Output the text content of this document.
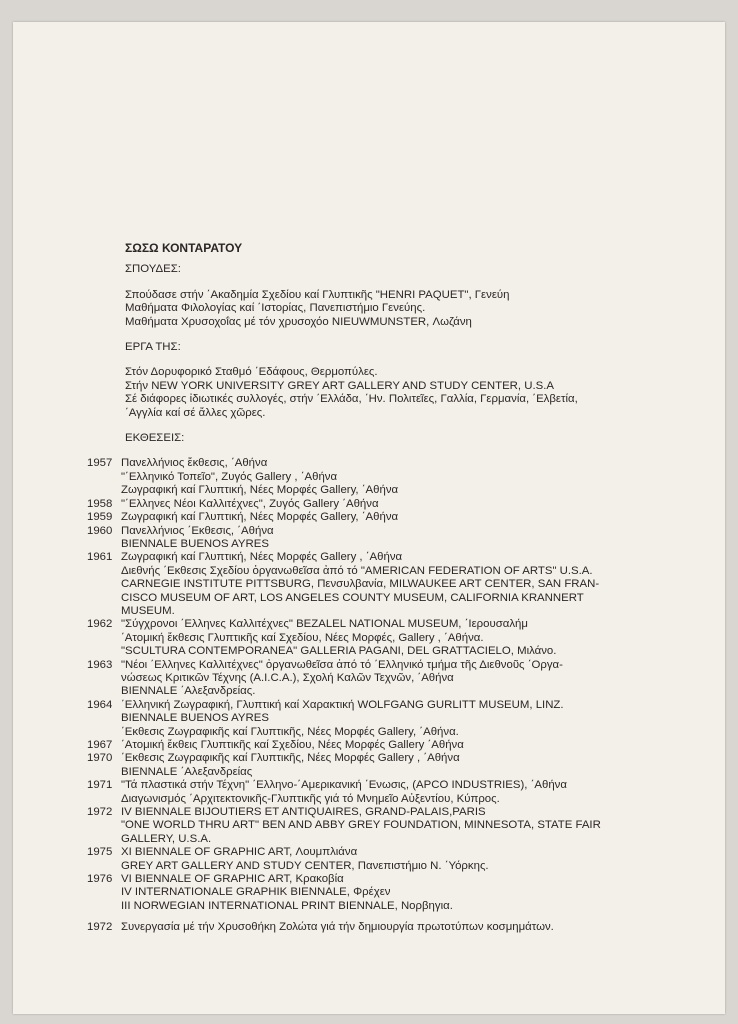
ΣΩΣΩ ΚΟΝΤΑΡΑΤΟΥ
ΣΠΟΥΔΕΣ:
Σπούδασε στήν ΄Ακαδημία Σχεδίου καί Γλυπτικῆς "HENRI PAQUET", Γενεύη
Μαθήματα Φιλολογίας καί ΄Ιστορίας, Πανεπιστήμιο Γενεύης.
Μαθήματα Χρυσοχοΐας μέ τόν χρυσοχόο NIEUWMUNSTER, Λωζάνη
ΕΡΓΑ ΤΗΣ:
Στόν Δορυφορικό Σταθμό ΄Εδάφους, Θερμοπύλες.
Στήν NEW YORK UNIVERSITY GREY ART GALLERY AND STUDY CENTER, U.S.A
Σέ διάφορες ἰδιωτικές συλλογές, στήν ΄Ελλάδα, ΄Ην. Πολιτεῖες, Γαλλία, Γερμανία, ΄Ελβετία,
΄Αγγλία καί σέ ἄλλες χῶρες.
ΕΚΘΕΣΕΙΣ:
1957 Πανελλήνιος ἔκθεσις, ΄Αθήνα
"΄Ελληνικό Τοπεῖο", Ζυγός Gallery , ΄Αθήνα
Ζωγραφική καί Γλυπτική, Νέες Μορφές Gallery, ΄Αθήνα
1958 "΄Ελληνες Νέοι Καλλιτέχνες", Ζυγός Gallery ΄Αθήνα
1959 Ζωγραφική καί Γλυπτική, Νέες Μορφές Gallery, ΄Αθήνα
1960 Πανελλήνιος ΄Εκθεσις, ΄Αθήνα
BIENNALE BUENOS AYRES
1961 Ζωγραφική καί Γλυπτική, Νέες Μορφές Gallery , ΄Αθήνα
Διεθνής ΄Εκθεσις Σχεδίου ὀργανωθεῖσα ἀπό τό "AMERICAN FEDERATION OF ARTS" U.S.A.
CARNEGIE INSTITUTE PITTSBURG, Πενσυλβανία, MILWAUKEE ART CENTER, SAN FRAN-
CISCO MUSEUM OF ART, LOS ANGELES COUNTY MUSEUM, CALIFORNIA KRANNERT
MUSEUM.
1962 "Σύγχρονοι ΄Ελληνες Καλλιτέχνες" BEZALEL NATIONAL MUSEUM, ΄Ιερουσαλήμ
΄Ατομική ἔκθεσις Γλυπτικῆς καί Σχεδίου, Νέες Μορφές, Gallery , ΄Αθήνα.
"SCULTURA CONTEMPORANEA" GALLERIA PAGANI, DEL GRATTACIELO, Μιλάνο.
1963 "Νέοι ΄Ελληνες Καλλιτέχνες" ὀργανωθεῖσα ἀπό τό ΄Ελληνικό τμήμα τῆς Διεθνοῦς ΄Οργα-
νώσεως Κριτικῶν Τέχνης (A.I.C.A.), Σχολή Καλῶν Τεχνῶν, ΄Αθήνα
BIENNALE ΄Αλεξανδρείας.
1964 ΄Ελληνική Ζωγραφική, Γλυπτική καί Χαρακτική WOLFGANG GURLITT MUSEUM, LINZ.
BIENNALE BUENOS AYRES
΄Εκθεσις Ζωγραφικῆς καί Γλυπτικῆς, Νέες Μορφές Gallery, ΄Αθήνα.
1967 ΄Ατομική ἔκθεις Γλυπτικῆς καί Σχεδίου, Νέες Μορφές Gallery ΄Αθήνα
1970 ΄Εκθεσις Ζωγραφικῆς καί Γλυπτικῆς, Νέες Μορφές Gallery , ΄Αθήνα
BIENNALE ΄Αλεξανδρείας
1971 "Τά πλαστικά στήν Τέχνη" ΄Ελληνο-΄Αμερικανική ΄Ενωσις, (APCO INDUSTRIES), ΄Αθήνα
Διαγωνισμός ΄Αρχιτεκτονικῆς-Γλυπτικῆς γιά τό Μνημεῖο Αὐξεντίου, Κύπρος.
1972 IV BIENNALE BIJOUTIERS ET ANTIQUAIRES, GRAND-PALAIS,PARIS
"ONE WORLD THRU ART" BEN AND ABBY GREY FOUNDATION, MINNESOTA, STATE FAIR
GALLERY, U.S.A.
1975 XI BIENNALE OF GRAPHIC ART, Λουμπλιάνα
GREY ART GALLERY AND STUDY CENTER, Πανεπιστήμιο N. ΄Υόρκης.
1976 VI BIENNALE OF GRAPHIC ART, Κρακοβία
IV INTERNATIONALE GRAPHIK BIENNALE, Φρέχεν
III NORWEGIAN INTERNATIONAL PRINT BIENNALE, Νορβηγια.
1972 Συνεργασία μέ τήν Χρυσοθήκη Ζολώτα γιά τήν δημιουργία πρωτοτύπων κοσμημάτων.
